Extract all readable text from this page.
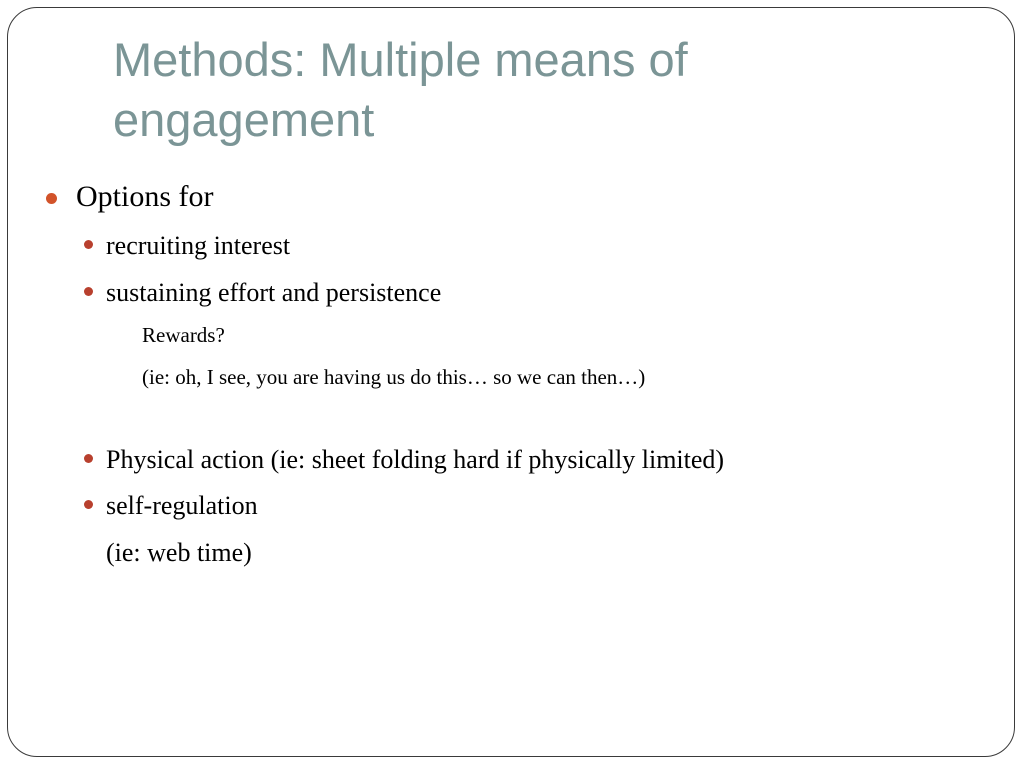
Methods: Multiple means of
engagement
Options for
recruiting interest
sustaining effort and persistence
Rewards?
(ie: oh, I see, you are having us do this… so we can then…)
Physical action (ie: sheet folding hard if physically limited)
self-regulation
(ie: web time)
